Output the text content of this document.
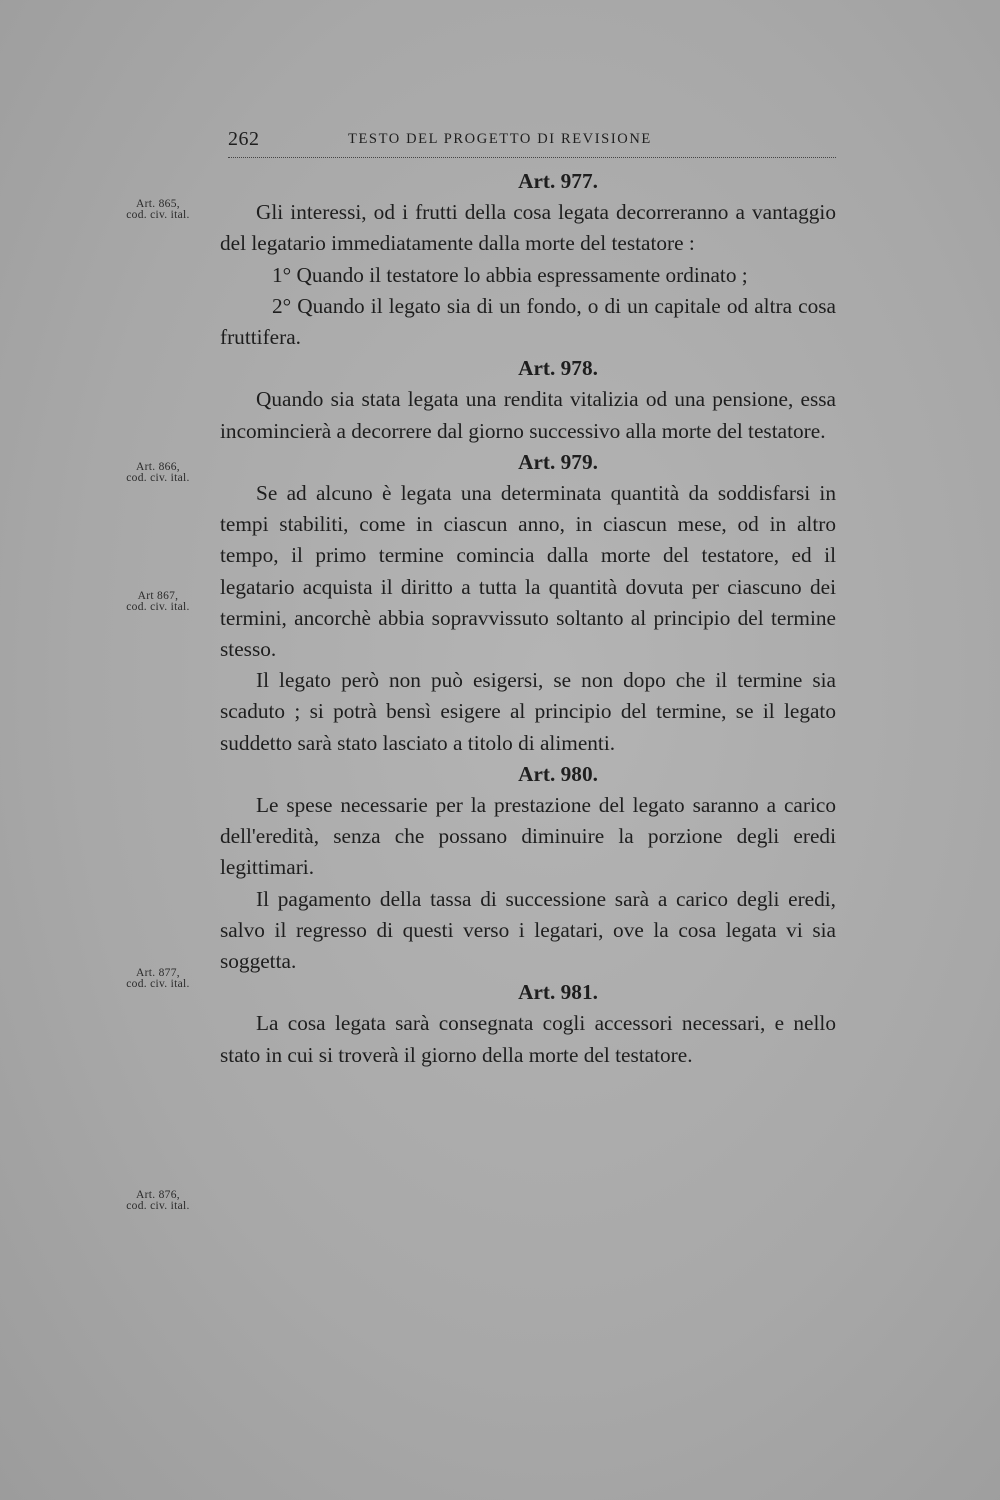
262	TESTO DEL PROGETTO DI REVISIONE
Art. 865,
cod. civ. ital.
Art. 866,
cod. civ. ital.
Art 867,
cod. civ. ital.
Art. 877,
cod. civ. ital.
Art. 876,
cod. civ. ital.
Art. 977.

Gli interessi, od i frutti della cosa legata decorreranno a vantaggio del legatario immediatamente dalla morte del testatore :

1° Quando il testatore lo abbia espressamente ordinato ;

2° Quando il legato sia di un fondo, o di un capitale od altra cosa fruttifera.

Art. 978.

Quando sia stata legata una rendita vitalizia od una pensione, essa incomincierà a decorrere dal giorno successivo alla morte del testatore.

Art. 979.

Se ad alcuno è legata una determinata quantità da soddisfarsi in tempi stabiliti, come in ciascun anno, in ciascun mese, od in altro tempo, il primo termine comincia dalla morte del testatore, ed il legatario acquista il diritto a tutta la quantità dovuta per ciascuno dei termini, ancorchè abbia sopravvissuto soltanto al principio del termine stesso.

Il legato però non può esigersi, se non dopo che il termine sia scaduto ; si potrà bensì esigere al principio del termine, se il legato suddetto sarà stato lasciato a titolo di alimenti.

Art. 980.

Le spese necessarie per la prestazione del legato saranno a carico dell'eredità, senza che possano diminuire la porzione degli eredi legittimari.

Il pagamento della tassa di successione sarà a carico degli eredi, salvo il regresso di questi verso i legatari, ove la cosa legata vi sia soggetta.

Art. 981.

La cosa legata sarà consegnata cogli accessori necessari, e nello stato in cui si troverà il giorno della morte del testatore.
